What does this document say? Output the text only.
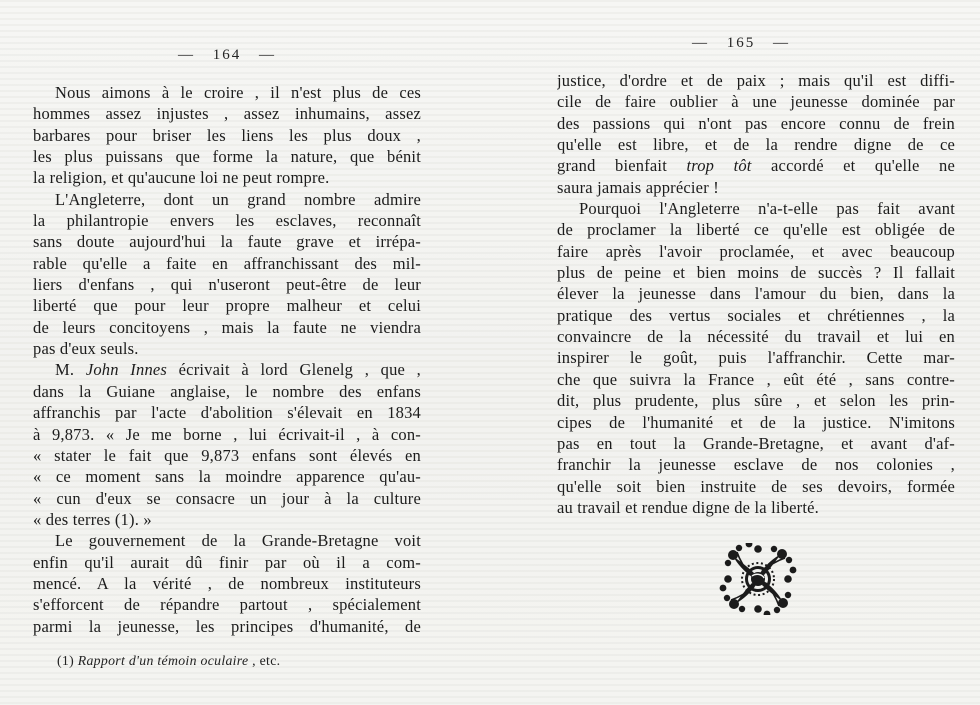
— 164 —
Nous aimons à le croire , il n'est plus de ces
hommes assez injustes , assez inhumains, assez
barbares pour briser les liens les plus doux ,
les plus puissans que forme la nature, que bénit
la religion, et qu'aucune loi ne peut rompre.
L'Angleterre, dont un grand nombre admire
la philantropie envers les esclaves, reconnaît
sans doute aujourd'hui la faute grave et irrépa-
rable qu'elle a faite en affranchissant des mil-
liers d'enfans , qui n'useront peut-être de leur
liberté que pour leur propre malheur et celui
de leurs concitoyens , mais la faute ne viendra
pas d'eux seuls.
M. John Innes écrivait à lord Glenelg , que ,
dans la Guiane anglaise, le nombre des enfans
affranchis par l'acte d'abolition s'élevait en 1834
à 9,873. « Je me borne , lui écrivait-il , à con-
« stater le fait que 9,873 enfans sont élevés en
« ce moment sans la moindre apparence qu'au-
« cun d'eux se consacre un jour à la culture
« des terres (1). »
Le gouvernement de la Grande-Bretagne voit
enfin qu'il aurait dû finir par où il a com-
mencé. A la vérité , de nombreux instituteurs
s'efforcent de répandre partout , spécialement
parmi la jeunesse, les principes d'humanité, de
(1) Rapport d'un témoin oculaire , etc.
— 165 —
justice, d'ordre et de paix ; mais qu'il est diffi-
cile de faire oublier à une jeunesse dominée par
des passions qui n'ont pas encore connu de frein
qu'elle est libre, et de la rendre digne de ce
grand bienfait trop tôt accordé et qu'elle ne
saura jamais apprécier !
Pourquoi l'Angleterre n'a-t-elle pas fait avant
de proclamer la liberté ce qu'elle est obligée de
faire après l'avoir proclamée, et avec beaucoup
plus de peine et bien moins de succès ? Il fallait
élever la jeunesse dans l'amour du bien, dans la
pratique des vertus sociales et chrétiennes , la
convaincre de la nécessité du travail et lui en
inspirer le goût, puis l'affranchir. Cette mar-
che que suivra la France , eût été , sans contre-
dit, plus prudente, plus sûre , et selon les prin-
cipes de l'humanité et de la justice. N'imitons
pas en tout la Grande-Bretagne, et avant d'af-
franchir la jeunesse esclave de nos colonies ,
qu'elle soit bien instruite de ses devoirs, formée
au travail et rendue digne de la liberté.
